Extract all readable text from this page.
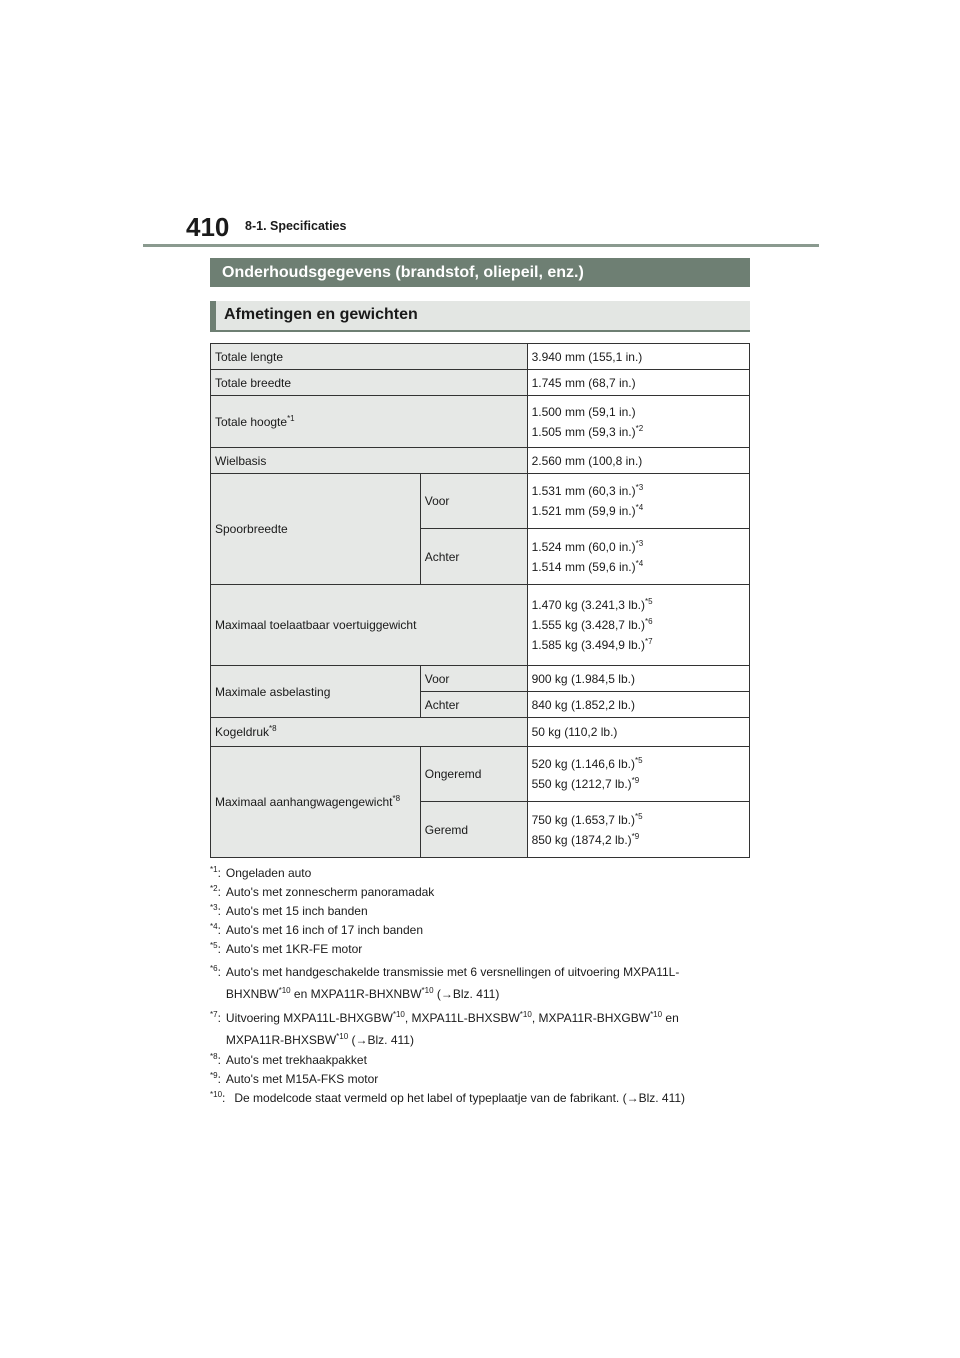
410 8-1. Specificaties
Onderhoudsgegevens (brandstof, oliepeil, enz.)
Afmetingen en gewichten
Totale lengte		3.940 mm (155,1 in.)
Totale breedte		1.745 mm (68,7 in.)
Totale hoogte$^{*1}$		1.500 mm (59,1 in.)
1.505 mm (59,3 in.)$^{*2}$

Wielbasis		2.560 mm (100,8 in.)
Spoorbreedte	Voor	1.531 mm (60,3 in.)$^{*3}$
1.521 mm (59,9 in.)$^{*4}$

	Achter	1.524 mm (60,0 in.)$^{*3}$
1.514 mm (59,6 in.)$^{*4}$

Maximaal toelaatbaar voertuiggewicht		1.470 kg (3.241,3 lb.)$^{*5}$
1.555 kg (3.428,7 lb.)$^{*6}$
1.585 kg (3.494,9 lb.)$^{*7}$

Maximale asbelasting	Voor	900 kg (1.984,5 lb.)
	Achter	840 kg (1.852,2 lb.)
Kogeldruk$^{*8}$		50 kg (110,2 lb.)
Maximaal aanhangwagengewicht$^{*8}$	Ongeremd	520 kg (1.146,6 lb.)$^{*5}$
550 kg (1212,7 lb.)$^{*9}$

	Geremd	750 kg (1.653,7 lb.)$^{*5}$
850 kg (1874,2 lb.)$^{*9}$
$^{*1}$: Ongeladen auto
$^{*2}$: Auto's met zonnescherm panoramadak
$^{*3}$: Auto's met 15 inch banden
$^{*4}$: Auto's met 16 inch of 17 inch banden
$^{*5}$: Auto's met 1KR-FE motor
$^{*6}$: Auto's met handgeschakelde transmissie met 6 versnellingen of uitvoering MXPA11L-
BHXNBW$^{*10}$ en MXPA11R-BHXNBW$^{*10}$ (→Blz. 411)
$^{*7}$: Uitvoering MXPA11L-BHXGBW$^{*10}$, MXPA11L-BHXSBW$^{*10}$, MXPA11R-BHXGBW$^{*10}$ en
MXPA11R-BHXSBW$^{*10}$ (→Blz. 411)
$^{*8}$: Auto's met trekhaakpakket
$^{*9}$: Auto's met M15A-FKS motor
$^{*10}$: De modelcode staat vermeld op het label of typeplaatje van de fabrikant. (→Blz. 411)
